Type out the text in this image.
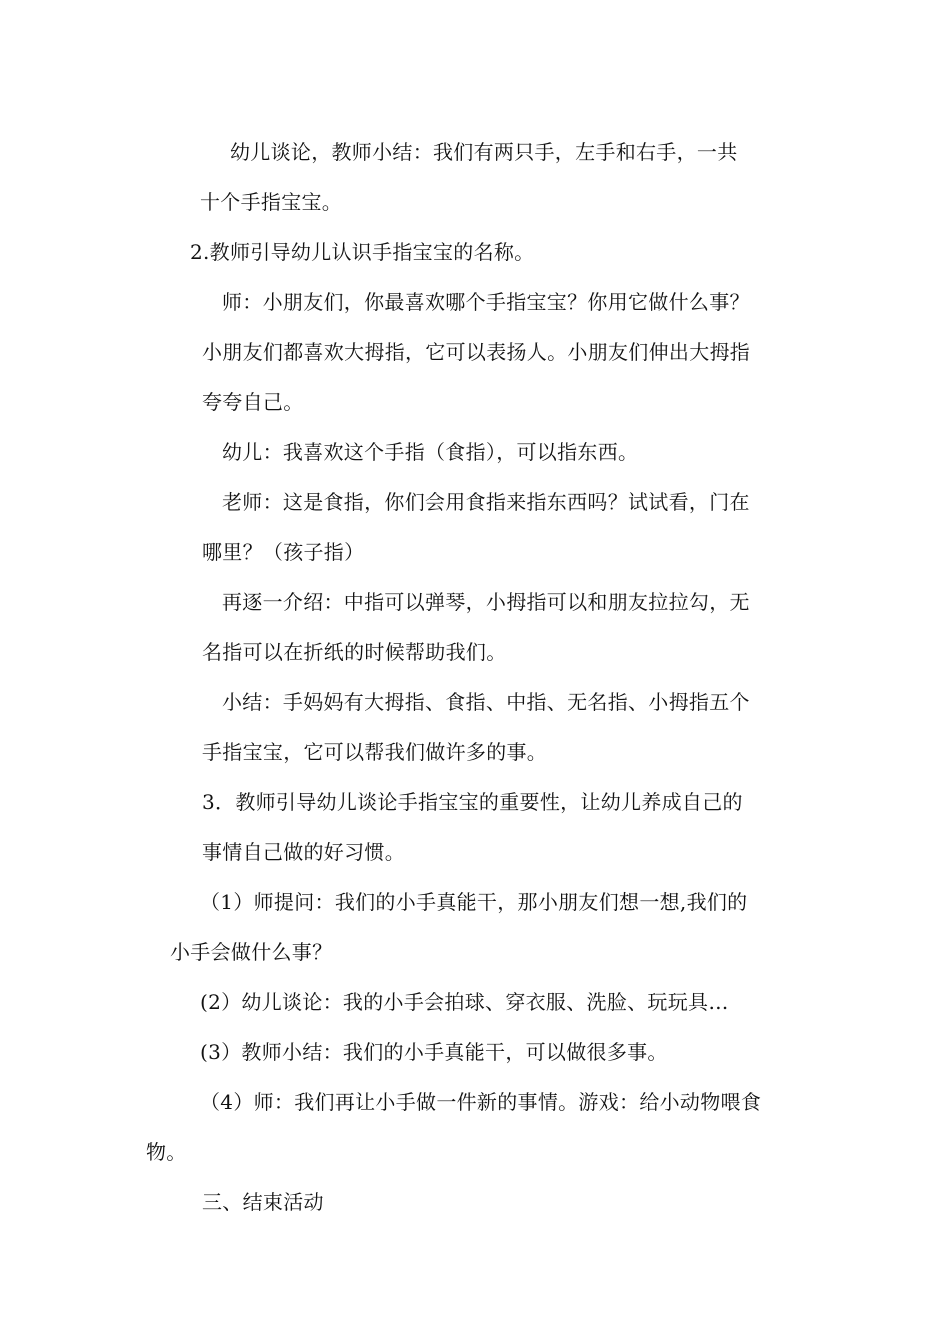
幼儿谈论，教师小结：我们有两只手，左手和右手，一共
十个手指宝宝。
2.教师引导幼儿认识手指宝宝的名称。
师：小朋友们，你最喜欢哪个手指宝宝？你用它做什么事？
小朋友们都喜欢大拇指，它可以表扬人。小朋友们伸出大拇指
夸夸自己。
幼儿：我喜欢这个手指（食指），可以指东西。
老师：这是食指，你们会用食指来指东西吗？试试看，门在
哪里？（孩子指）
再逐一介绍：中指可以弹琴，小拇指可以和朋友拉拉勾，无
名指可以在折纸的时候帮助我们。
小结：手妈妈有大拇指、食指、中指、无名指、小拇指五个
手指宝宝，它可以帮我们做许多的事。
3．教师引导幼儿谈论手指宝宝的重要性，让幼儿养成自己的
事情自己做的好习惯。
（1）师提问：我们的小手真能干，那小朋友们想一想,我们的
小手会做什么事？
(2）幼儿谈论：我的小手会拍球、穿衣服、洗脸、玩玩具…
(3）教师小结：我们的小手真能干，可以做很多事。
（4）师：我们再让小手做一件新的事情。游戏：给小动物喂食
物。
三、结束活动
